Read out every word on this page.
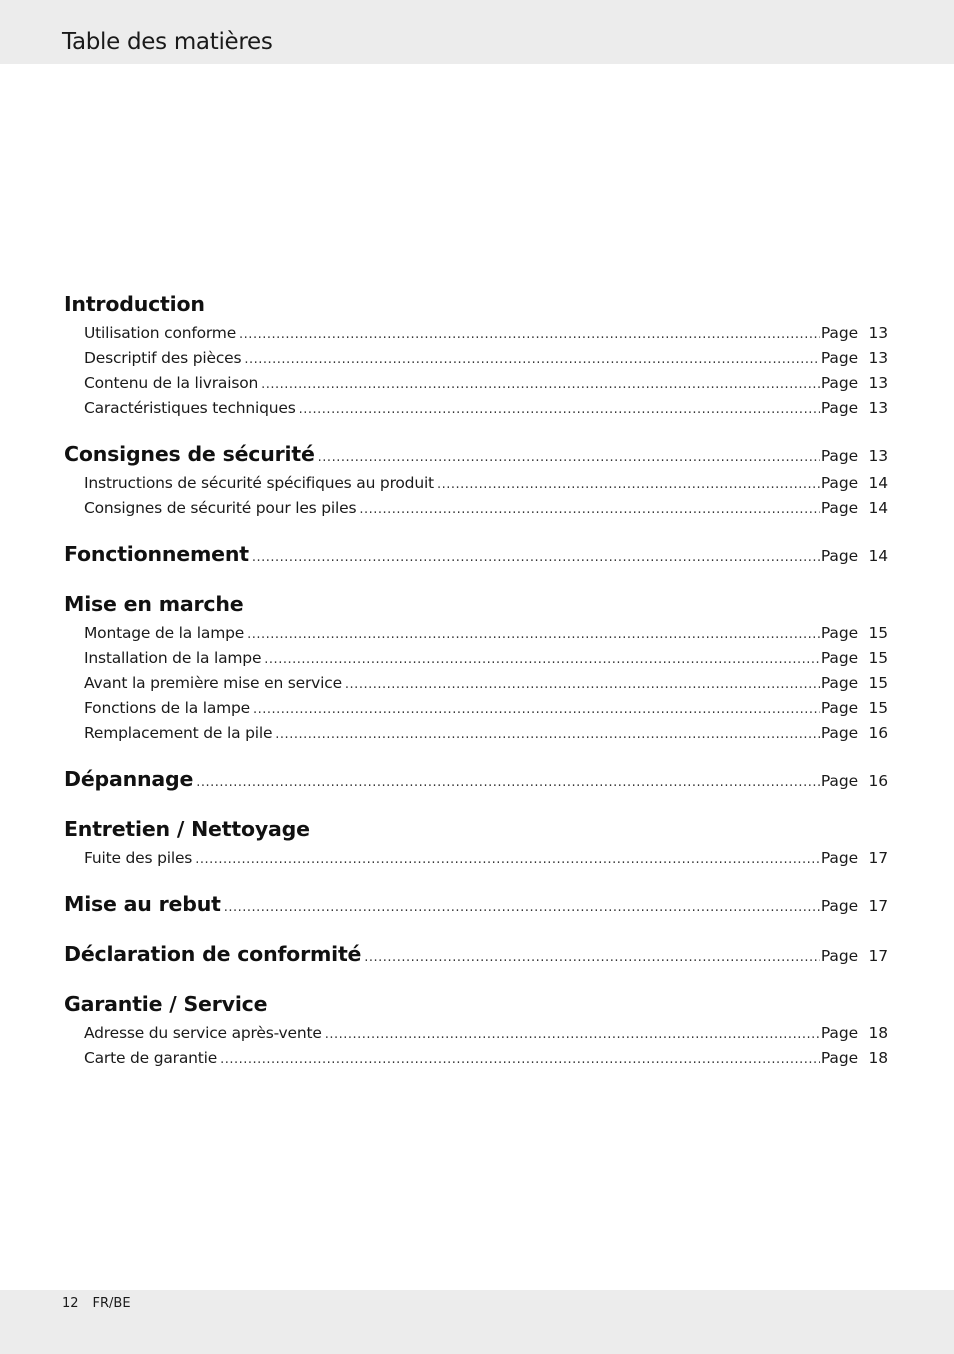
Table des matières
Introduction
Utilisation conforme .....	Page 13
Descriptif des pièces .....	Page 13
Contenu de la livraison .....	Page 13
Caractéristiques techniques .....	Page 13
Consignes de sécurité .....	Page 13
Instructions de sécurité spécifiques au produit .....	Page 14
Consignes de sécurité pour les piles .....	Page 14
Fonctionnement .....	Page 14
Mise en marche
Montage de la lampe .....	Page 15
Installation de la lampe .....	Page 15
Avant la première mise en service .....	Page 15
Fonctions de la lampe .....	Page 15
Remplacement de la pile .....	Page 16
Dépannage .....	Page 16
Entretien / Nettoyage
Fuite des piles .....	Page 17
Mise au rebut .....	Page 17
Déclaration de conformité .....	Page 17
Garantie / Service
Adresse du service après-vente .....	Page 18
Carte de garantie .....	Page 18
12 FR/BE
